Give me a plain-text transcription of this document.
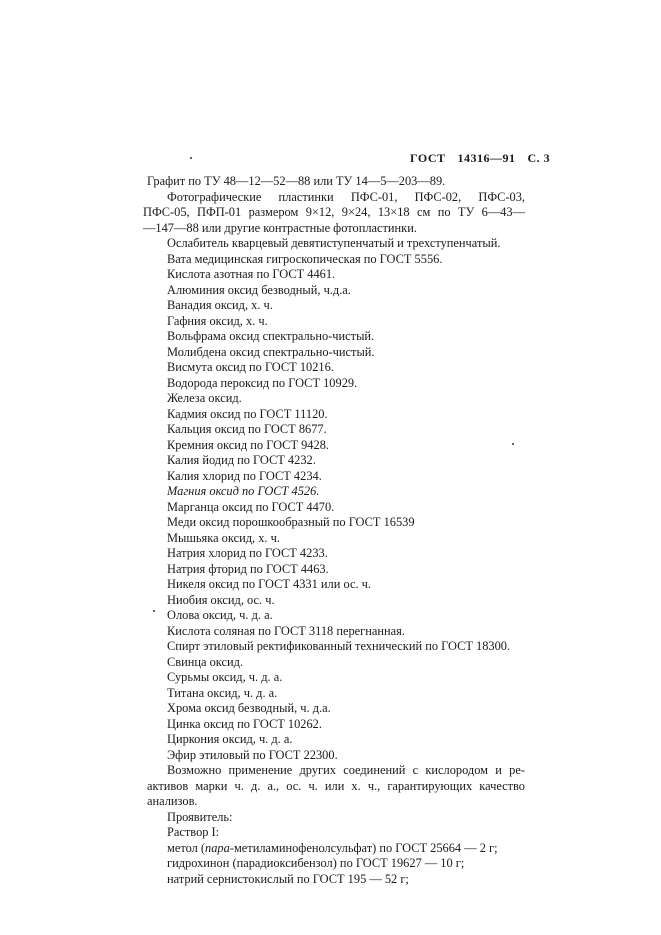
ГОСТ 14316—91 С. 3
Графит по ТУ 48—12—52—88 или ТУ 14—5—203—89.
Фотографические пластинки ПФС-01, ПФС-02, ПФС-03,
ПФС-05, ПФП-01 размером 9×12, 9×24, 13×18 см по ТУ 6—43—
—147—88 или другие контрастные фотопластинки.
Ослабитель кварцевый девятиступенчатый и трехступенчатый.
Вата медицинская гигроскопическая по ГОСТ 5556.
Кислота азотная по ГОСТ 4461.
Алюминия оксид безводный, ч.д.а.
Ванадия оксид, х. ч.
Гафния оксид, х. ч.
Вольфрама оксид спектрально-чистый.
Молибдена оксид спектрально-чистый.
Висмута оксид по ГОСТ 10216.
Водорода пероксид по ГОСТ 10929.
Железа оксид.
Кадмия оксид по ГОСТ 11120.
Кальция оксид по ГОСТ 8677.
Кремния оксид по ГОСТ 9428.
Калия йодид по ГОСТ 4232.
Калия хлорид по ГОСТ 4234.
Магния оксид по ГОСТ 4526.
Марганца оксид по ГОСТ 4470.
Меди оксид порошкообразный по ГОСТ 16539
Мышьяка оксид, х. ч.
Натрия хлорид по ГОСТ 4233.
Натрия фторид по ГОСТ 4463.
Никеля оксид по ГОСТ 4331 или ос. ч.
Ниобия оксид, ос. ч.
Олова оксид, ч. д. а.
Кислота соляная по ГОСТ 3118 перегнанная.
Спирт этиловый ректификованный технический по ГОСТ 18300.
Свинца оксид.
Сурьмы оксид, ч. д. а.
Титана оксид, ч. д. а.
Хрома оксид безводный, ч. д.а.
Цинка оксид по ГОСТ 10262.
Циркония оксид, ч. д. а.
Эфир этиловый по ГОСТ 22300.
Возможно применение других соединений с кислородом и ре-
активов марки ч. д. а., ос. ч. или х. ч., гарантирующих качество
анализов.
Проявитель:
Раствор I:
метол (пара-метиламинофенолсульфат) по ГОСТ 25664 — 2 г;
гидрохинон (парадиоксибензол) по ГОСТ 19627 — 10 г;
натрий сернистокислый по ГОСТ 195 — 52 г;
